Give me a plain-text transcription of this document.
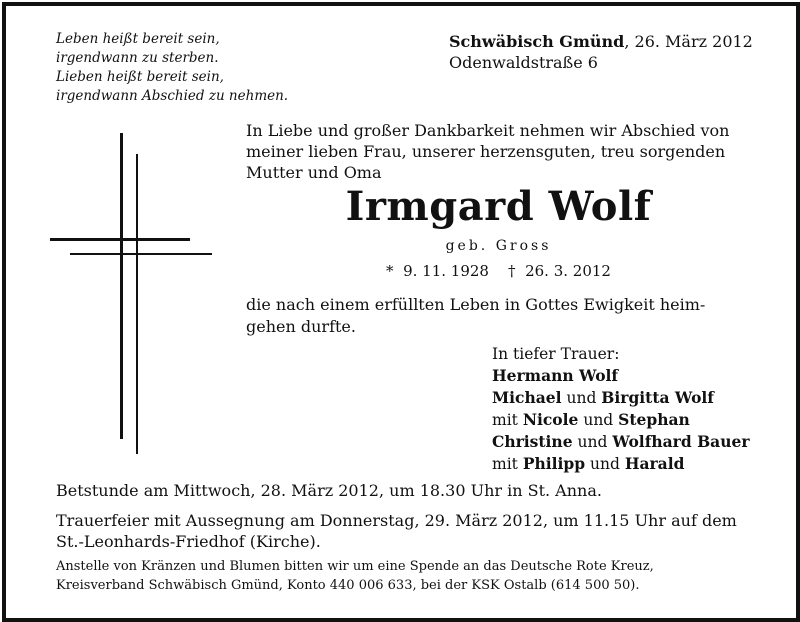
Leben heißt bereit sein,
irgendwann zu sterben.
Lieben heißt bereit sein,
irgendwann Abschied zu nehmen.
Schwäbisch Gmünd, 26. März 2012
Odenwaldstraße 6
In Liebe und großer Dankbarkeit nehmen wir Abschied von
meiner lieben Frau, unserer herzensguten, treu sorgenden
Mutter und Oma
Irmgard Wolf
geb. Gross
*  9. 11. 1928    †  26. 3. 2012
die nach einem erfüllten Leben in Gottes Ewigkeit heim-
gehen durfte.
In tiefer Trauer:
Hermann Wolf
Michael und Birgitta Wolf
mit Nicole und Stephan
Christine und Wolfhard Bauer
mit Philipp und Harald
Betstunde am Mittwoch, 28. März 2012, um 18.30 Uhr in St. Anna.
Trauerfeier mit Aussegnung am Donnerstag, 29. März 2012, um 11.15 Uhr auf dem
St.-Leonhards-Friedhof (Kirche).
Anstelle von Kränzen und Blumen bitten wir um eine Spende an das Deutsche Rote Kreuz,
Kreisverband Schwäbisch Gmünd, Konto 440 006 633, bei der KSK Ostalb (614 500 50).
